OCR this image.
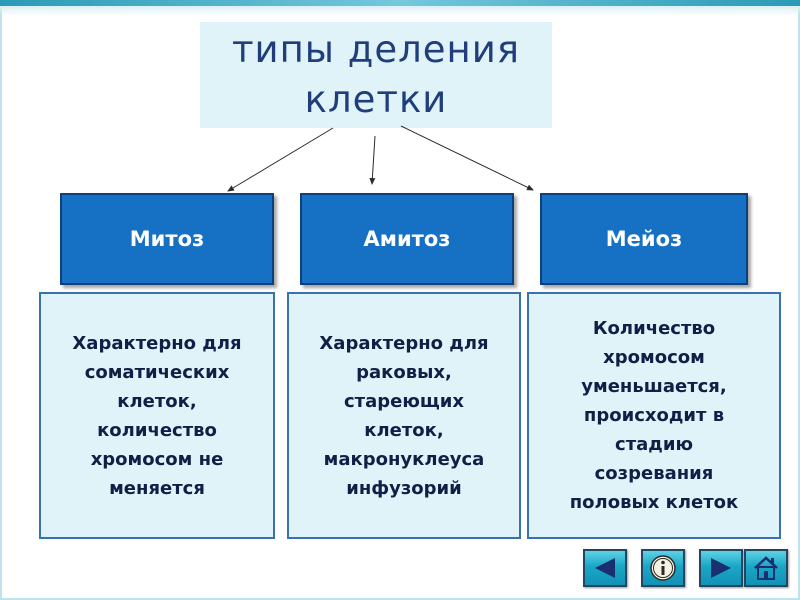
типы деления
клетки
Митоз	Амитоз	Мейоз
Характерно для
соматических
клеток,
количество
хромосом не
меняется
Характерно для
раковых,
стареющих
клеток,
макронуклеуса
инфузорий
Количество
хромосом
уменьшается,
происходит в
стадию
созревания
половых клеток
